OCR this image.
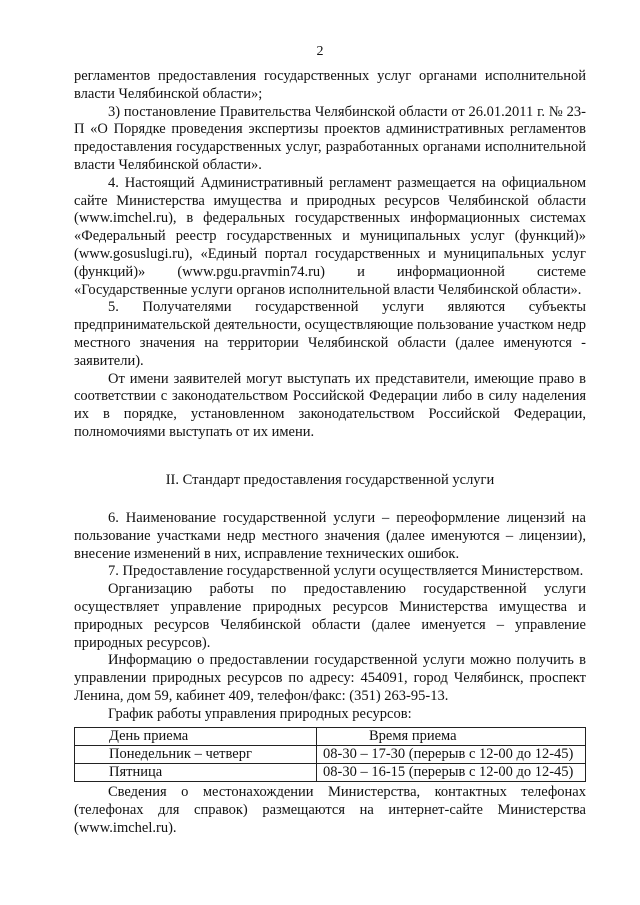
2

регламентов предоставления государственных услуг органами исполнительной власти Челябинской области»;

3) постановление Правительства Челябинской области от 26.01.2011 г. № 23-П «О Порядке проведения экспертизы проектов административных регламентов предоставления государственных услуг, разработанных органами исполнительной власти Челябинской области».

4. Настоящий Административный регламент размещается на официальном сайте Министерства имущества и природных ресурсов Челябинской области (www.imchel.ru), в федеральных государственных информационных системах «Федеральный реестр государственных и муниципальных услуг (функций)» (www.gosuslugi.ru), «Единый портал государственных и муниципальных услуг (функций)» (www.pgu.pravmin74.ru) и информационной системе «Государственные услуги органов исполнительной власти Челябинской области».

5. Получателями государственной услуги являются субъекты предпринимательской деятельности, осуществляющие пользование участком недр местного значения на территории Челябинской области (далее именуются - заявители).

От имени заявителей могут выступать их представители, имеющие право в соответствии с законодательством Российской Федерации либо в силу наделения их в порядке, установленном законодательством Российской Федерации, полномочиями выступать от их имени.

II. Стандарт предоставления государственной услуги

6. Наименование государственной услуги – переоформление лицензий на пользование участками недр местного значения (далее именуются – лицензии), внесение изменений в них, исправление технических ошибок.

7. Предоставление государственной услуги осуществляется Министерством.

Организацию работы по предоставлению государственной услуги осуществляет управление природных ресурсов Министерства имущества и природных ресурсов Челябинской области (далее именуется – управление природных ресурсов).

Информацию о предоставлении государственной услуги можно получить в управлении природных ресурсов по адресу: 454091, город Челябинск, проспект Ленина, дом 59, кабинет 409, телефон/факс: (351) 263-95-13.

График работы управления природных ресурсов:

День приема	Время приема
Понедельник – четверг	08-30 – 17-30 (перерыв с 12-00 до 12-45)
Пятница	08-30 – 16-15 (перерыв с 12-00 до 12-45)

Сведения о местонахождении Министерства, контактных телефонах (телефонах для справок) размещаются на интернет-сайте Министерства (www.imchel.ru).
